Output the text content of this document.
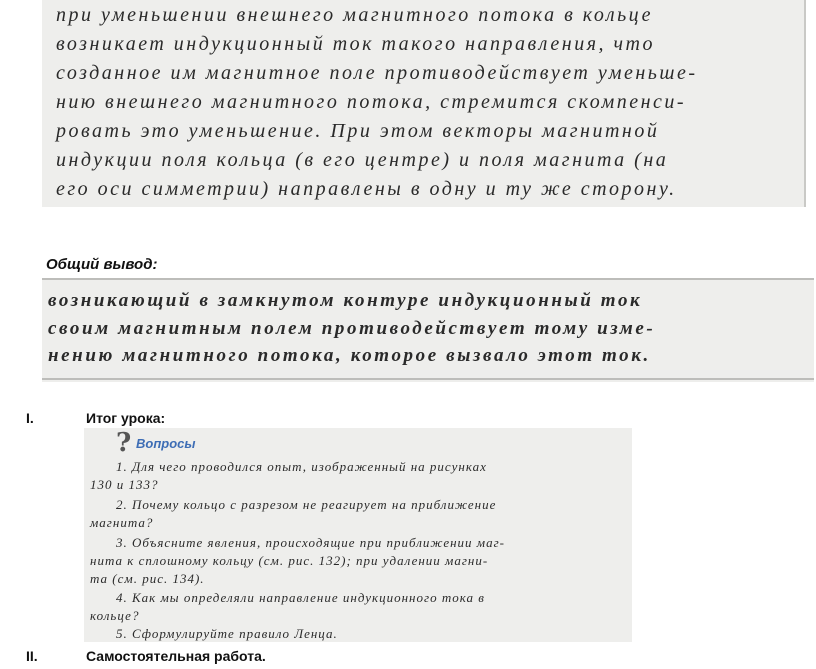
при уменьшении внешнего магнитного потока в кольце
возникает индукционный ток такого направления, что
созданное им магнитное поле противодействует уменьше-
нию внешнего магнитного потока, стремится скомпенси-
ровать это уменьшение. При этом векторы магнитной
индукции поля кольца (в его центре) и поля магнита (на
его оси симметрии) направлены в одну и ту же сторону.
Общий вывод:
возникающий в замкнутом контуре индукционный ток
своим магнитным полем противодействует тому изме-
нению магнитного потока, которое вызвало этот ток.
I.	Итог урока:
? Вопросы
1. Для чего проводился опыт, изображенный на рисунках
130 и 133?
2. Почему кольцо с разрезом не реагирует на приближение
магнита?
3. Объясните явления, происходящие при приближении маг-
нита к сплошному кольцу (см. рис. 132); при удалении магни-
та (см. рис. 134).
4. Как мы определяли направление индукционного тока в
кольце?
5. Сформулируйте правило Ленца.
II.	Самостоятельная работа.
